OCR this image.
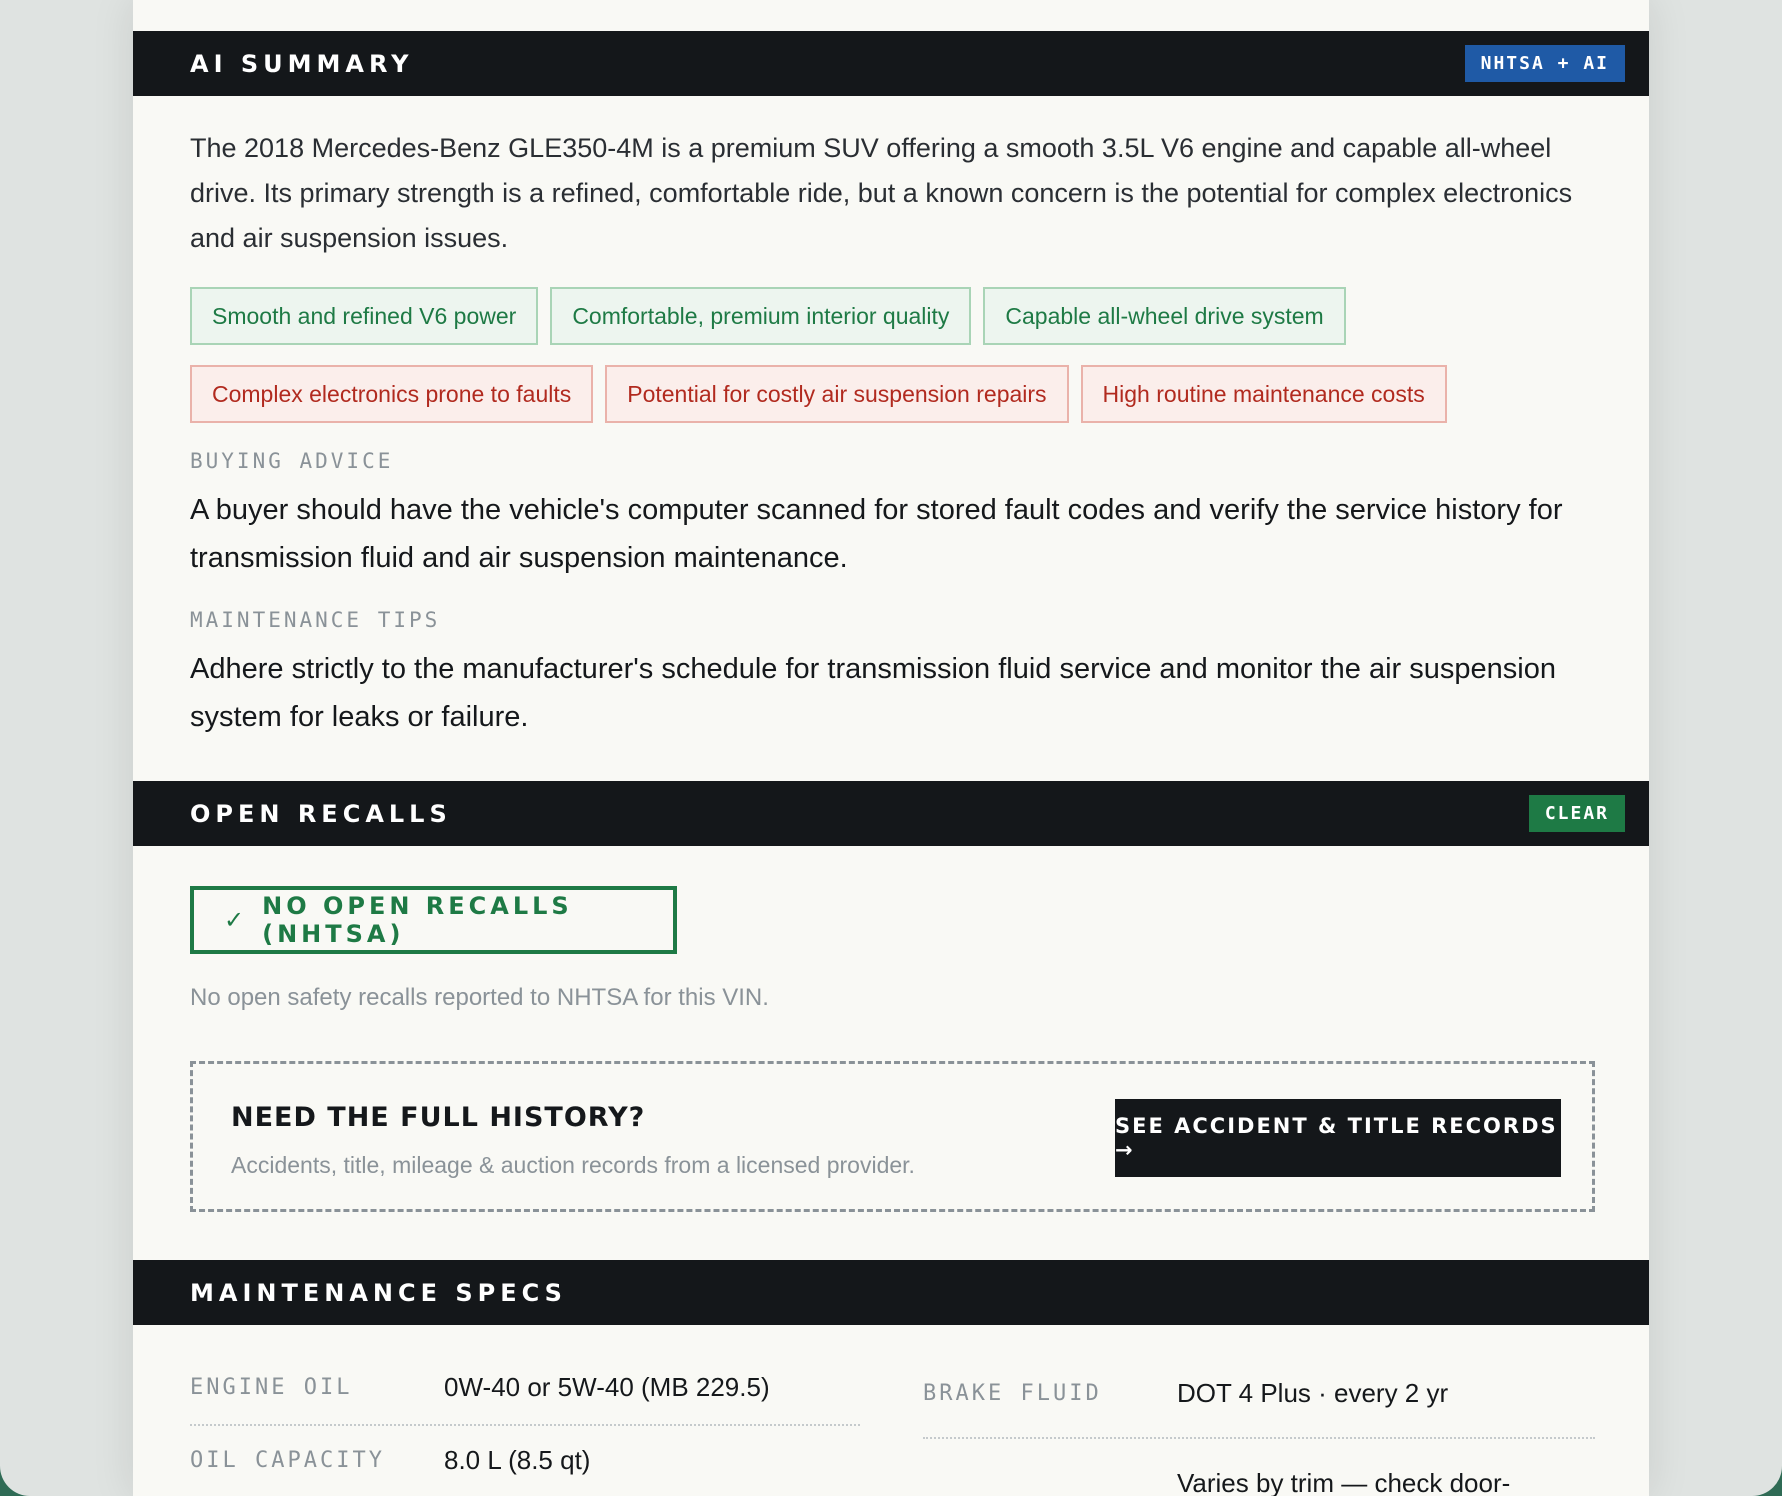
AI SUMMARY	NHTSA + AI

The 2018 Mercedes-Benz GLE350-4M is a premium SUV offering a smooth 3.5L V6 engine and capable all-wheel drive. Its primary strength is a refined, comfortable ride, but a known concern is the potential for complex electronics and air suspension issues.

Smooth and refined V6 power	Comfortable, premium interior quality	Capable all-wheel drive system
Complex electronics prone to faults	Potential for costly air suspension repairs	High routine maintenance costs
BUYING ADVICE

A buyer should have the vehicle's computer scanned for stored fault codes and verify the service history for transmission fluid and air suspension maintenance.

MAINTENANCE TIPS

Adhere strictly to the manufacturer's schedule for transmission fluid service and monitor the air suspension system for leaks or failure.

OPEN RECALLS	CLEAR
✓ NO OPEN RECALLS (NHTSA)

No open safety recalls reported to NHTSA for this VIN.

NEED THE FULL HISTORY?
Accidents, title, mileage & auction records from a licensed provider.
SEE ACCIDENT & TITLE RECORDS →
MAINTENANCE SPECS
ENGINE OIL	0W-40 or 5W-40 (MB 229.5)
OIL CAPACITY 8.0 L (8.5 qt)
BRAKE FLUID	DOT 4 Plus · every 2 yr
Varies by trim — check door-
